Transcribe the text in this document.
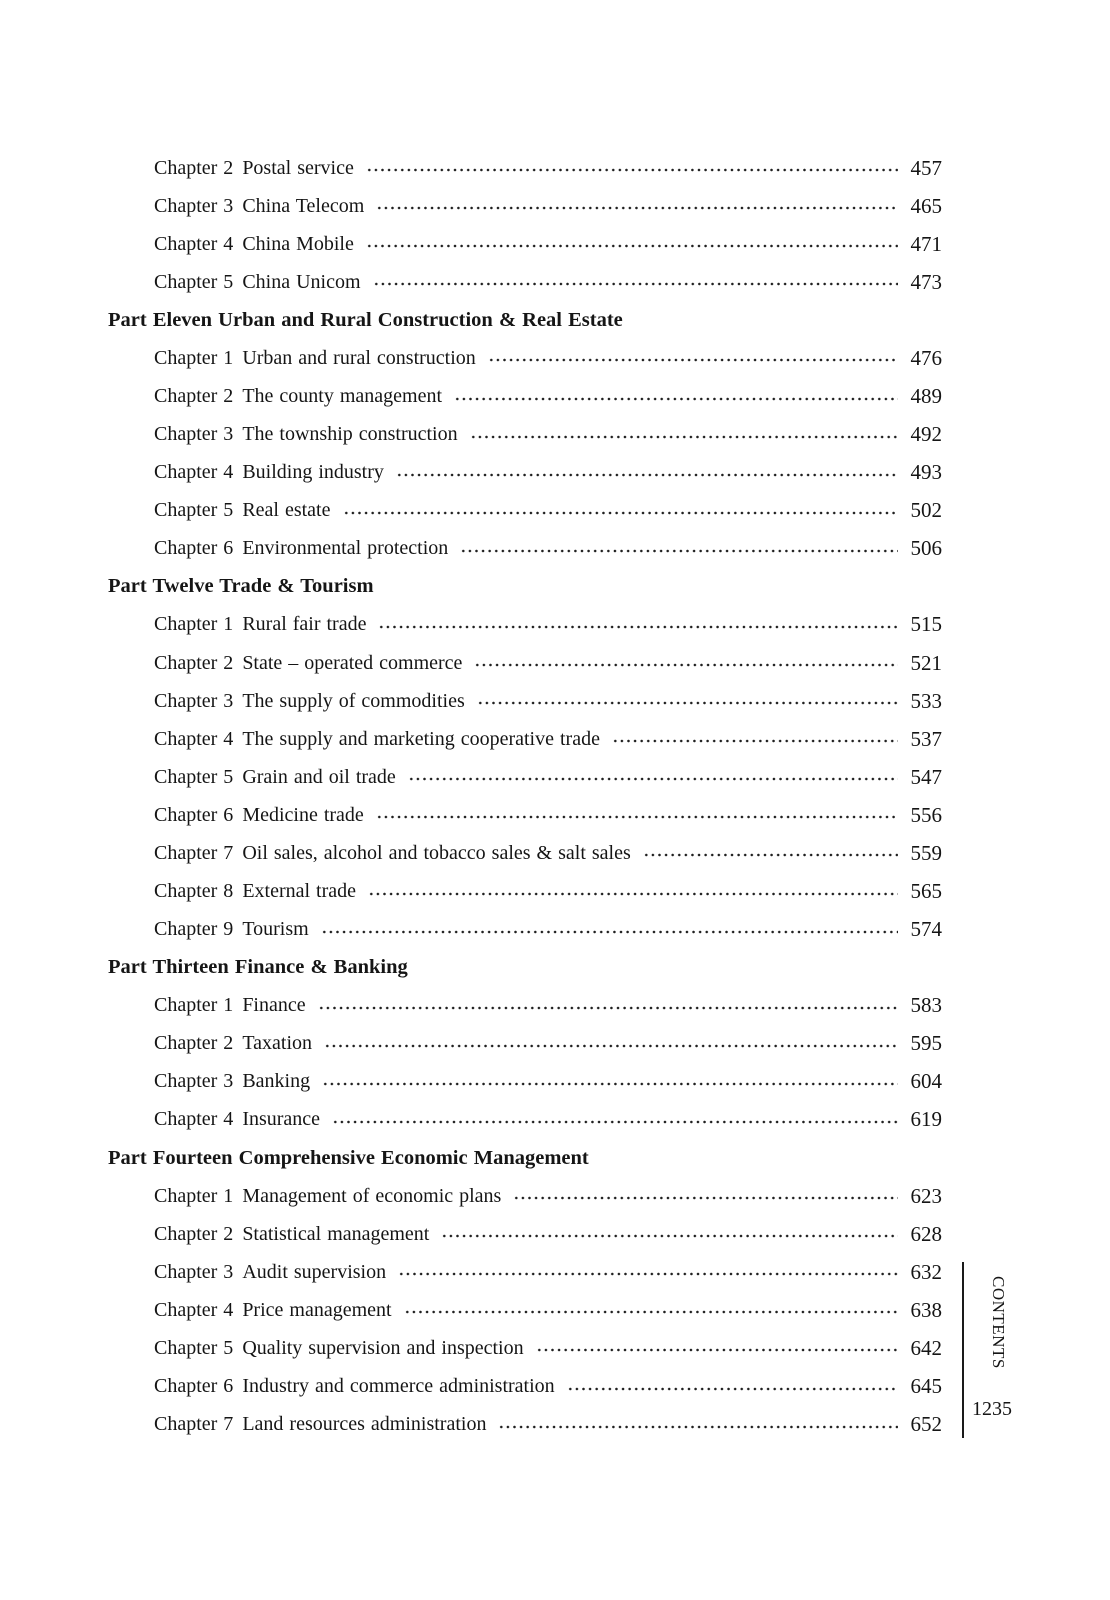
Chapter 2 Postal service	457
Chapter 3 China Telecom	465
Chapter 4 China Mobile	471
Chapter 5 China Unicom	473
Part Eleven Urban and Rural Construction & Real Estate
Chapter 1 Urban and rural construction	476
Chapter 2 The county management	489
Chapter 3 The township construction	492
Chapter 4 Building industry	493
Chapter 5 Real estate	502
Chapter 6 Environmental protection	506
Part Twelve Trade & Tourism
Chapter 1 Rural fair trade	515
Chapter 2 State – operated commerce	521
Chapter 3 The supply of commodities	533
Chapter 4 The supply and marketing cooperative trade	537
Chapter 5 Grain and oil trade	547
Chapter 6 Medicine trade	556
Chapter 7 Oil sales, alcohol and tobacco sales & salt sales	559
Chapter 8 External trade	565
Chapter 9 Tourism	574
Part Thirteen Finance & Banking
Chapter 1 Finance	583
Chapter 2 Taxation	595
Chapter 3 Banking	604
Chapter 4 Insurance	619
Part Fourteen Comprehensive Economic Management
Chapter 1 Management of economic plans	623
Chapter 2 Statistical management	628
Chapter 3 Audit supervision	632
Chapter 4 Price management	638
Chapter 5 Quality supervision and inspection	642
Chapter 6 Industry and commerce administration	645
Chapter 7 Land resources administration	652
CONTENTS
1235
